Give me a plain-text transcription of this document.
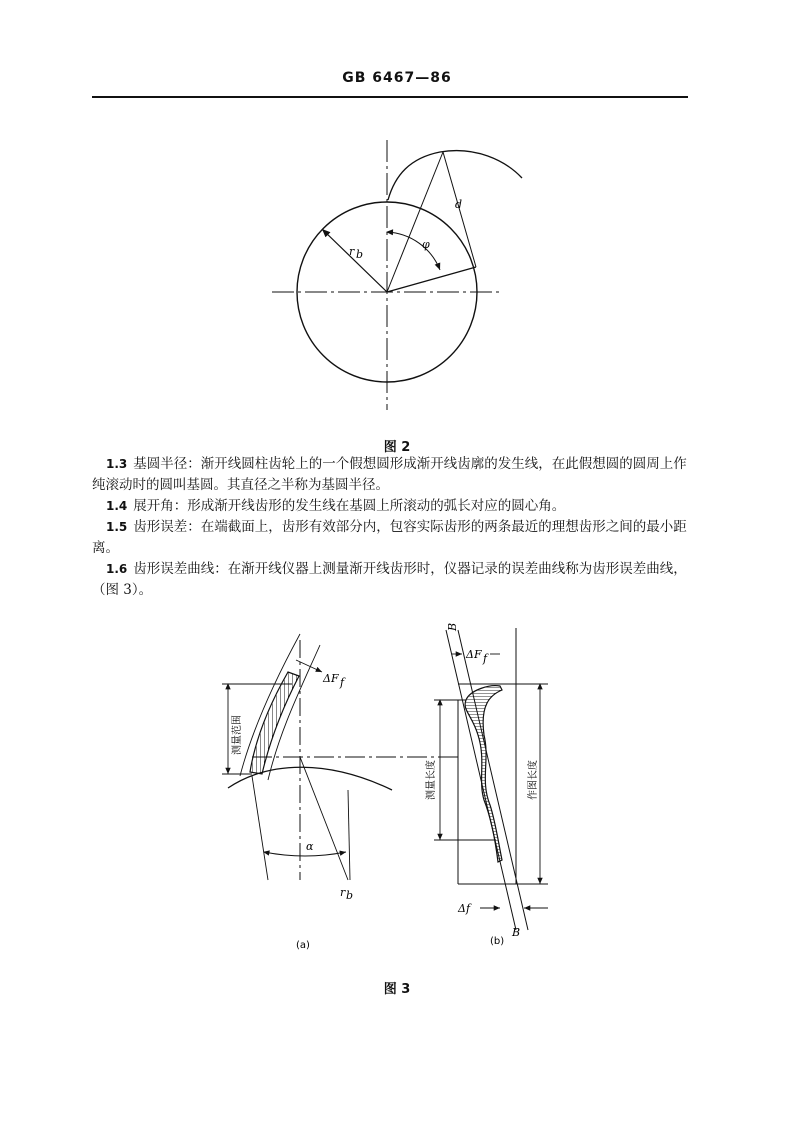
GB 6467—86
r b
φ
d
图 2
1.3 基圆半径：渐开线圆柱齿轮上的一个假想圆形成渐开线齿廓的发生线，在此假想圆的圆周上作纯滚动时的圆叫基圆。其直径之半称为基圆半径。
1.4 展开角：形成渐开线齿形的发生线在基圆上所滚动的弧长对应的圆心角。
1.5 齿形误差：在端截面上，齿形有效部分内，包容实际齿形的两条最近的理想齿形之间的最小距离。
1.6 齿形误差曲线：在渐开线仪器上测量渐开线齿形时，仪器记录的误差曲线称为齿形误差曲线，（图 3）。
ΔF f
测量范围
α
r b
(a)
B
B
ΔF f
测量长度	作图长度
Δf
(b)
图 3
